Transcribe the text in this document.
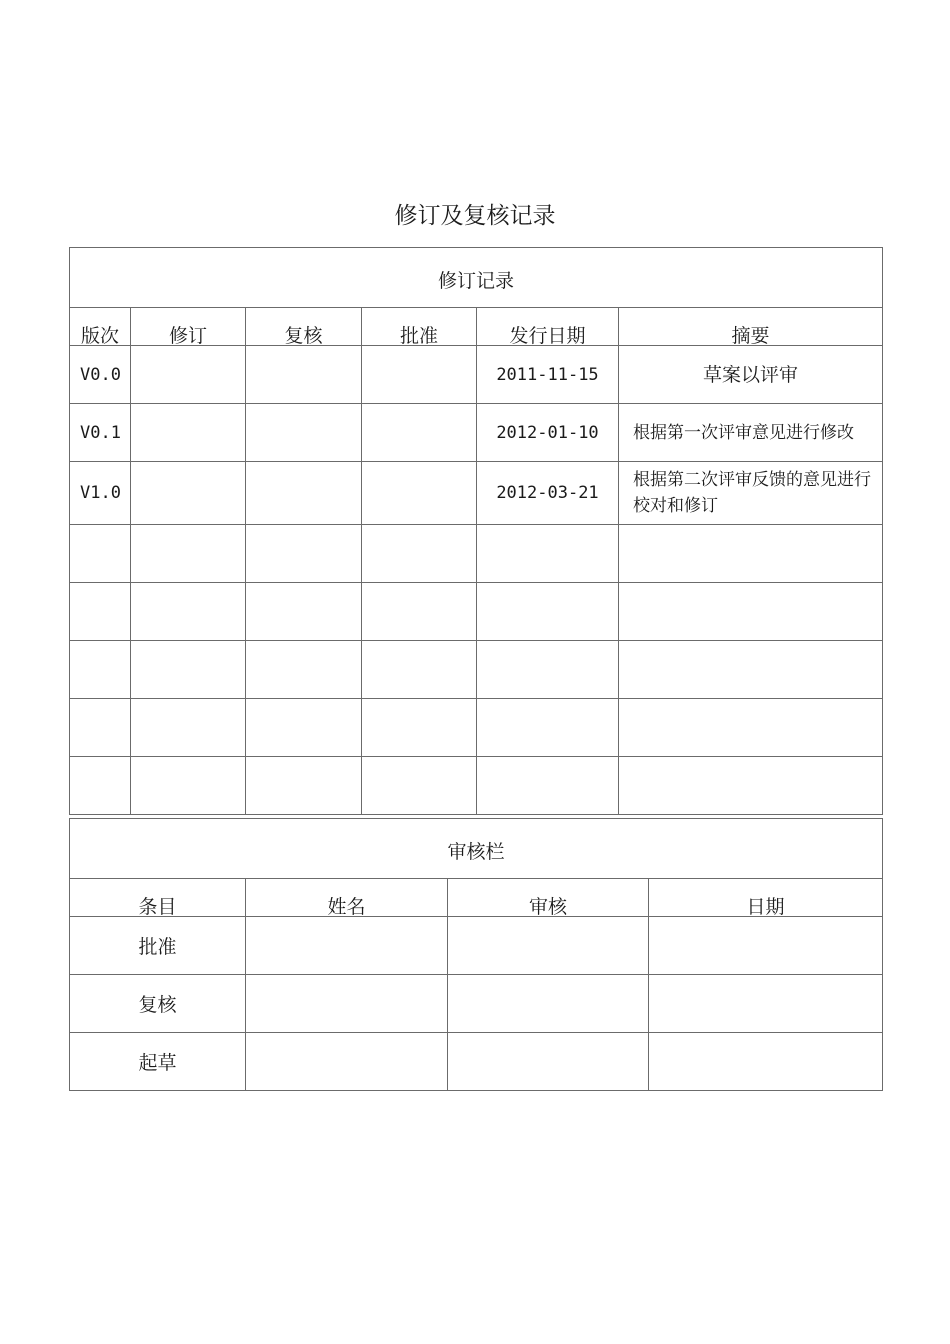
修订及复核记录
修订记录					
版次	修订	复核	批准	发行日期	摘要
V0.0				2011-11-15	草案以评审
V0.1				2012-01-10	根据第一次评审意见进行修改
V1.0				2012-03-21	根据第二次评审反馈的意见进行校对和修订

审核栏			
条目	姓名	审核	日期
批准			
复核			
起草			
